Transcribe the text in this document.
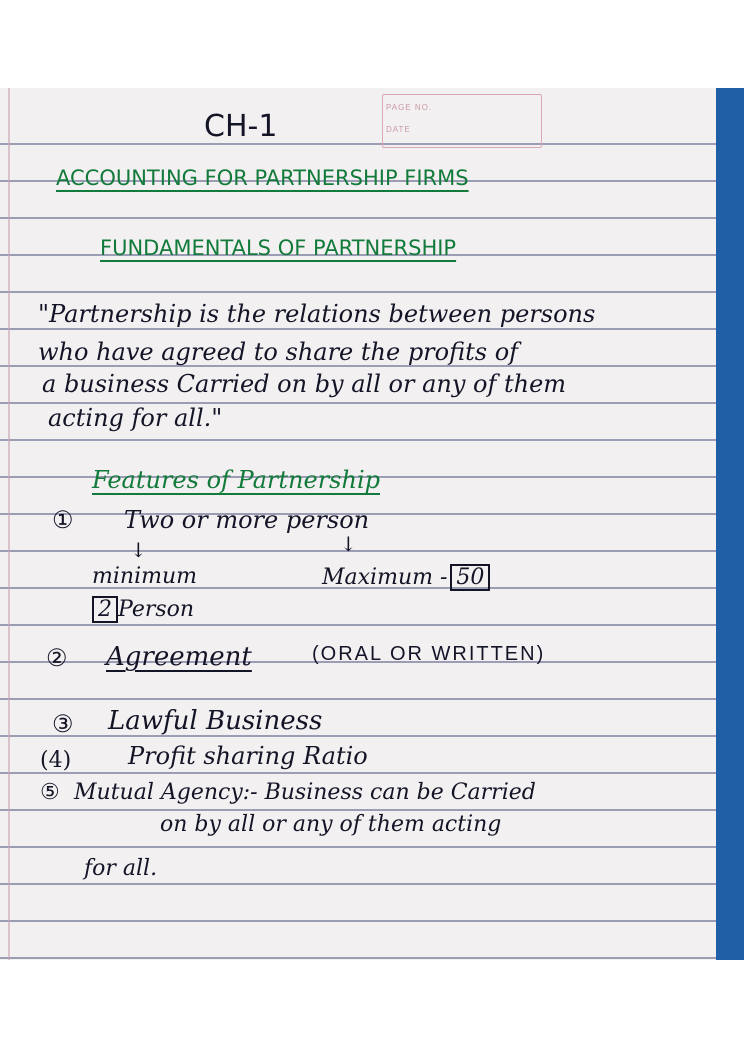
PAGE NO.
DATE
CH-1
ACCOUNTING FOR PARTNERSHIP FIRMS
FUNDAMENTALS OF PARTNERSHIP
"Partnership is the relations between persons
who have agreed to share the profits of
a business Carried on by all or any of them
acting for all."
Features of Partnership
① Two or more person
↓	↓
minimum	Maximum - 50
2 Person
② Agreement	(ORAL OR WRITTEN)
③ Lawful Business
(4) Profit sharing Ratio
⑤ Mutual Agency:- Business can be Carried
on by all or any of them acting
for all.
